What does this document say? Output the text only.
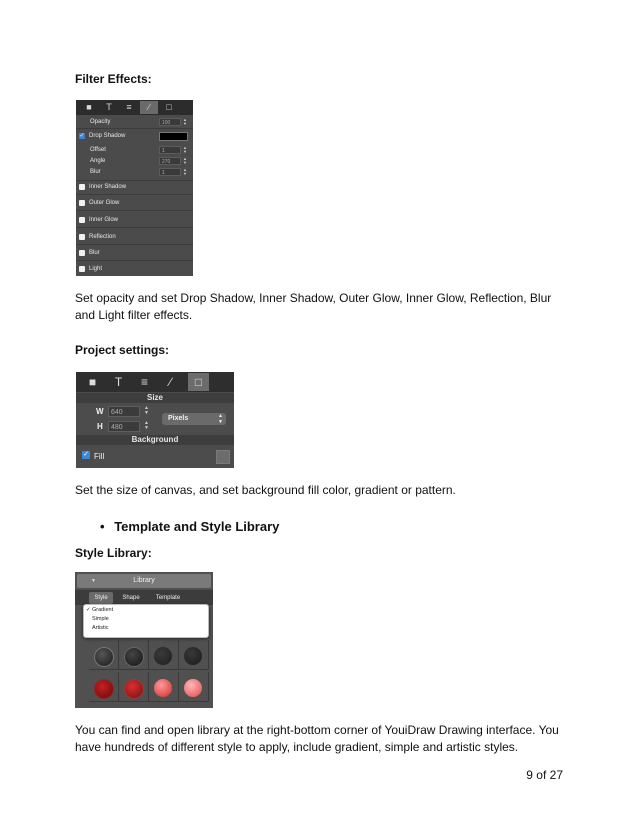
Filter Effects:
■	T	≡	∕	□
Opacity	100
▲
▼
✓ Drop Shadow
Offset	1
▲
▼
Angle	270
▲
▼
Blur	1
▲
▼
Inner Shadow
Outer Glow
Inner Glow
Reflection
Blur
Light
Set opacity and set Drop Shadow, Inner Shadow, Outer Glow, Inner Glow, Reflection, Blur and Light filter effects.
Project settings:
■	T	≡	∕	□
Size
W	640
▲
▼
H	480
▲
▼
Pixels	▲
▼
Background
✓ Fill
Set the size of canvas, and set background fill color, gradient or pattern.
• Template and Style Library
Style Library:
▼	Library
Style	Shape	Template
✓Gradient
Simple
Artistic
You can find and open library at the right-bottom corner of YouiDraw Drawing interface. You have hundreds of different style to apply, include gradient, simple and artistic styles.
9 of 27
